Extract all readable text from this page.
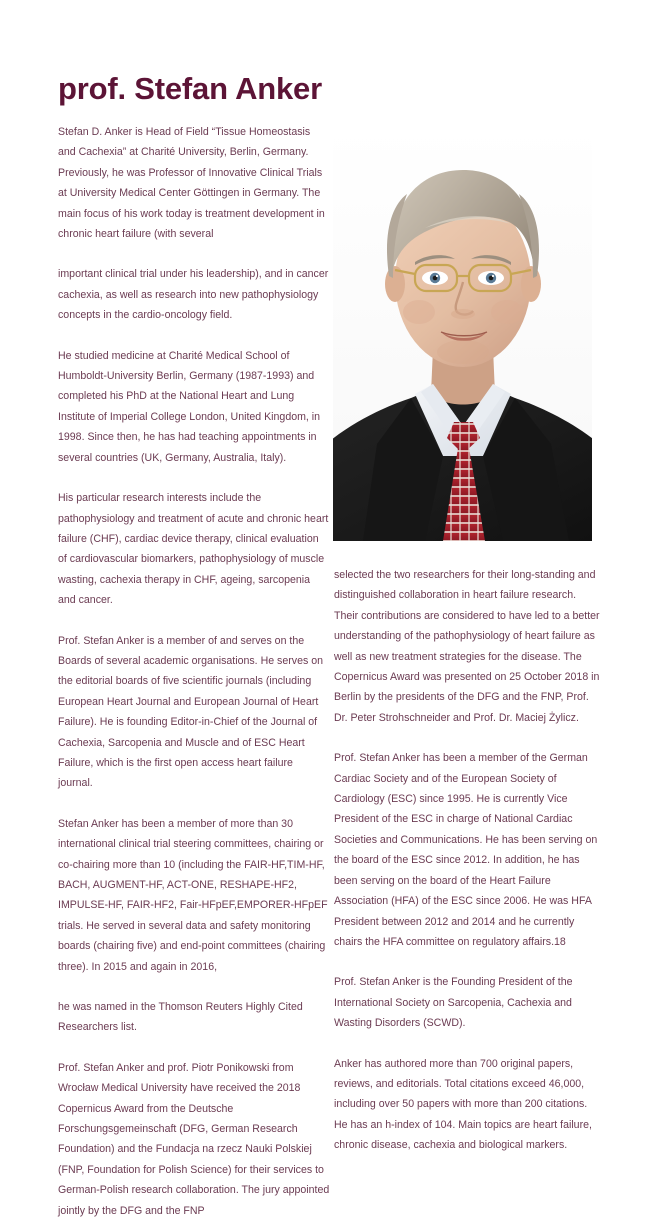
prof. Stefan Anker

Stefan D. Anker is Head of Field “Tissue Homeostasis and Cachexia” at Charité University, Berlin, Germany. Previously, he was Professor of Innovative Clinical Trials at University Medical Center Göttingen in Germany. The main focus of his work today is treatment development in chronic heart failure (with several

important clinical trial under his leadership), and in cancer cachexia, as well as research into new pathophysiology concepts in the cardio-oncology field.

He studied medicine at Charité Medical School of Humboldt-University Berlin, Germany (1987-1993) and completed his PhD at the National Heart and Lung Institute of Imperial College London, United Kingdom, in 1998. Since then, he has had teaching appointments in several countries (UK, Germany, Australia, Italy).

His particular research interests include the pathophysiology and treatment of acute and chronic heart failure (CHF), cardiac device therapy, clinical evaluation of cardiovascular biomarkers, pathophysiology of muscle wasting, cachexia therapy in CHF, ageing, sarcopenia and cancer.

Prof. Stefan Anker is a member of and serves on the Boards of several academic organisations. He serves on the editorial boards of five scientific journals (including European Heart Journal and European Journal of Heart Failure). He is founding Editor-in-Chief of the Journal of Cachexia, Sarcopenia and Muscle and of ESC Heart Failure, which is the first open access heart failure journal.

Stefan Anker has been a member of more than 30 international clinical trial steering committees, chairing or co-chairing more than 10 (including the FAIR-HF,TIM-HF, BACH, AUGMENT-HF, ACT-ONE, RESHAPE-HF2, IMPULSE-HF, FAIR-HF2, Fair-HFpEF,EMPORER-HFpEF trials. He served in several data and safety monitoring boards (chairing five) and end-point committees (chairing three). In 2015 and again in 2016,

he was named in the Thomson Reuters Highly Cited Researchers list.

Prof. Stefan Anker and prof. Piotr Ponikowski from Wrocław Medical University have received the 2018 Copernicus Award from the Deutsche Forschungsgemeinschaft (DFG, German Research Foundation) and the Fundacja na rzecz Nauki Polskiej (FNP, Foundation for Polish Science) for their services to German-Polish research collaboration. The jury appointed jointly by the DFG and the FNP

selected the two researchers for their long-standing and distinguished collaboration in heart failure research. Their contributions are considered to have led to a better understanding of the pathophysiology of heart failure as well as new treatment strategies for the disease. The Copernicus Award was presented on 25 October 2018 in Berlin by the presidents of the DFG and the FNP, Prof. Dr. Peter Strohschneider and Prof. Dr. Maciej Żylicz.

Prof. Stefan Anker has been a member of the German Cardiac Society and of the European Society of Cardiology (ESC) since 1995. He is currently Vice President of the ESC in charge of National Cardiac Societies and Communications. He has been serving on the board of the ESC since 2012. In addition, he has been serving on the board of the Heart Failure Association (HFA) of the ESC since 2006. He was HFA President between 2012 and 2014 and he currently chairs the HFA committee on regulatory affairs.18

Prof. Stefan Anker is the Founding President of the International Society on Sarcopenia, Cachexia and Wasting Disorders (SCWD).

Anker has authored more than 700 original papers, reviews, and editorials. Total citations exceed 46,000, including over 50 papers with more than 200 citations. He has an h-index of 104. Main topics are heart failure, chronic disease, cachexia and biological markers.
